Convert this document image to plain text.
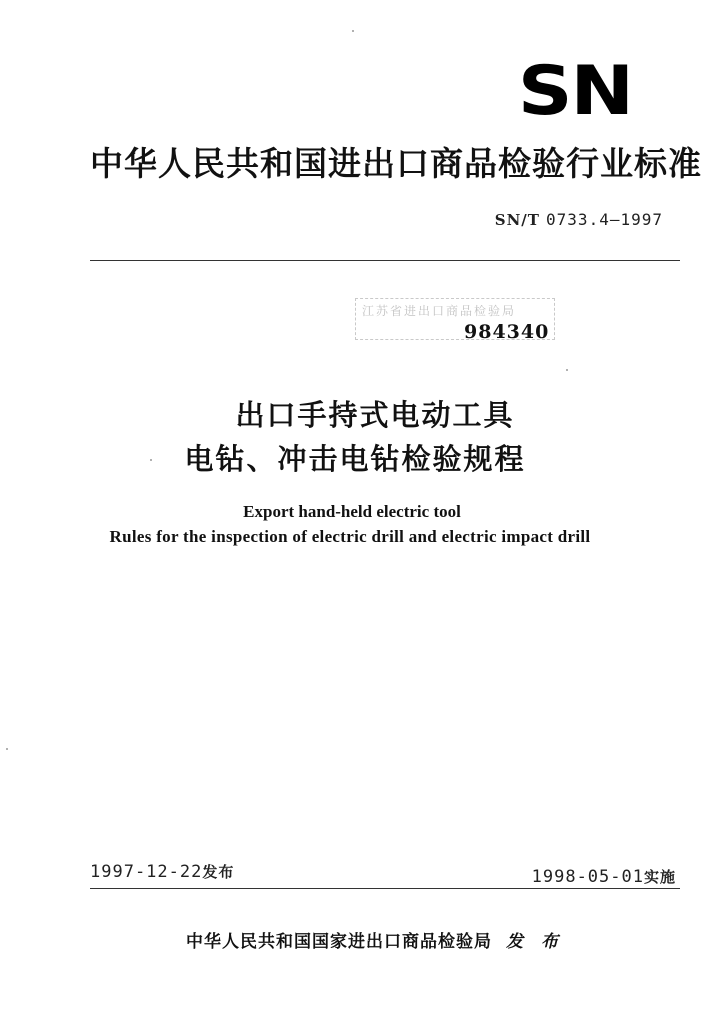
SN
中华人民共和国进出口商品检验行业标准
SN/T 0733.4—1997
江苏省进出口商品检验局
984340
出口手持式电动工具
电钻、冲击电钻检验规程
Export hand-held electric tool
Rules for the inspection of electric drill and electric impact drill
1997-12-22发布	1998-05-01实施
中华人民共和国国家进出口商品检验局 发 布
